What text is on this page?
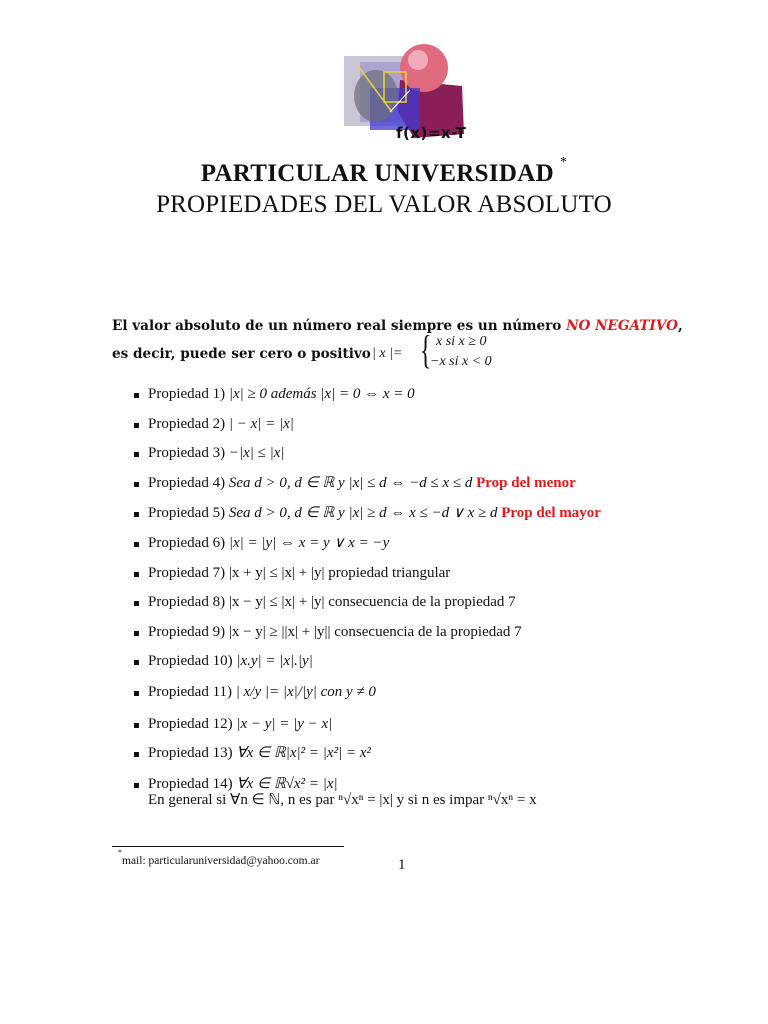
f(x)=x-T
PARTICULAR UNIVERSIDAD *
PROPIEDADES DEL VALOR ABSOLUTO
El valor absoluto de un número real siempre es un número NO NEGATIVO,
es decir, puede ser cero o positivo | x |= { x si x ≥ 0
−x si x < 0
Propiedad 1) |x| ≥ 0 además |x| = 0 ⇔ x = 0
Propiedad 2) | − x| = |x|
Propiedad 3) −|x| ≤ |x|
Propiedad 4) Sea d > 0, d ∈ ℝ y |x| ≤ d ⇔ −d ≤ x ≤ d Prop del menor
Propiedad 5) Sea d > 0, d ∈ ℝ y |x| ≥ d ⇔ x ≤ −d ∨ x ≥ d Prop del mayor
Propiedad 6) |x| = |y| ⇔ x = y ∨ x = −y
Propiedad 7) |x + y| ≤ |x| + |y| propiedad triangular
Propiedad 8) |x − y| ≤ |x| + |y| consecuencia de la propiedad 7
Propiedad 9) |x − y| ≥ ||x| + |y|| consecuencia de la propiedad 7
Propiedad 10) |x.y| = |x|.|y|
Propiedad 11) | x/y |= |x|/|y| con y ≠ 0
Propiedad 12) |x − y| = |y − x|
Propiedad 13) ∀x ∈ ℝ|x|² = |x²| = x²
Propiedad 14) ∀x ∈ ℝ√x² = |x|
En general si ∀n ∈ ℕ, n es par ⁿ√xⁿ = |x| y si n es impar ⁿ√xⁿ = x
*mail: particularuniversidad@yahoo.com.ar	1
